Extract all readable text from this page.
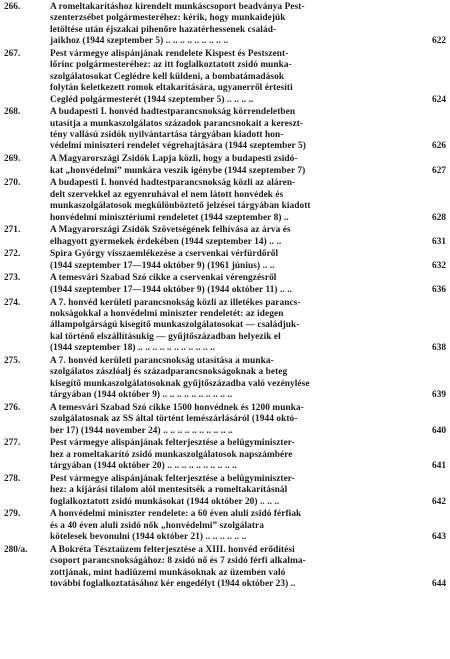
266.	A romeltakarításhoz kirendelt munkáscsoport beadványa Pest-
szenterzsébet polgármesteréhez: kérik, hogy munkaidejük
letöltése után éjszakai pihenőre hazatérhessenek család-
jaikhoz (1944 szeptember 5) .. .. .. .. .. .. .. .. ..	622
267.	Pest vármegye alispánjának rendelete Kispest és Pestszent-
lőrinc polgármesteréhez: az itt foglalkoztatott zsidó munka-
szolgálatosokat Ceglédre kell küldeni, a bombatámadások
folytán keletkezett romok eltakarítására, ugyanerről értesíti
Cegléd polgármesterét (1944 szeptember 5) .. .. .. ..	624
268.	A budapesti I. honvéd hadtestparancsnokság körrendeletben
utasítja a munkaszolgálatos századok parancsnokait a kereszt-
tény vallású zsidók nyilvántartása tárgyában kiadott hon-
védelmi miniszteri rendelet végrehajtására (1944 szeptember 5)	626
269.	A Magyarországi Zsidók Lapja közli, hogy a budapesti zsidó-
kat „honvédelmi” munkára veszik igénybe (1944 szeptember 7)	627
270.	A budapesti I. honvéd hadtestparancsnokság közli az aláren-
delt szervekkel az egyenruhával el nem látott honvédek és
munkaszolgálatosok megkülönböztető jelzései tárgyában kiadott
honvédelmi minisztériumi rendeletet (1944 szeptember 8) ..	628
271.	A Magyarországi Zsidók Szövetségének felhívása az árva és
elhagyott gyermekek érdekében (1944 szeptember 14) .. ..	631
272.	Spira György visszaemlékezése a cservenkai vérfürdőről
(1944 szeptember 17—1944 október 9) (1961 június) .. ..	632
273.	A temesvári Szabad Szó cikke a cservenkai vérengzésről
(1944 szeptember 17—1944 október 9) (1944 október 11) .. ..	636
274.	A 7. honvéd kerületi parancsnokság közli az illetékes parancs-
nokságokkal a honvédelmi miniszter rendeletét: az idegen
állampolgárságú kisegítő munkaszolgálatosokat — családjuk-
kal történő elszállításukig — gyűjtőszázadban helyezik el
(1944 szeptember 18) .. .. .. .. .. .. .. .. .. .. ..	638
275.	A 7. honvéd kerületi parancsnokság utasítása a munka-
szolgálatos zászlóalj és századparancsnokságoknak a beteg
kisegítő munkaszolgálatosoknak gyűjtőszázadba való vezénylése
tárgyában (1944 október 9) .. .. .. .. .. .. .. .. .. ..	639
276.	A temesvári Szabad Szó cikke 1500 honvédnek és 1200 munka-
szolgálatosnak az SS által történt lemészárlásáról (1944 októ-
ber 17) (1944 november 24) .. .. .. .. .. .. .. .. .. ..	640
277.	Pest vármegye alispánjának felterjesztése a belügyminiszter-
hez a romeltakarító zsidó munkaszolgálatosok napszámbére
tárgyában (1944 október 20) .. .. .. .. .. .. .. .. .. ..	641
278.	Pest vármegye alispánjának felterjesztése a belügyminiszter-
hez: a kijárási tilalom alól mentesítsék a romeltakarításnál
foglalkoztatott zsidó munkásokat (1944 október 20) .. .. ..	642
279.	A honvédelmi miniszter rendelete: a 60 éven aluli zsidó férfiak
és a 40 éven aluli zsidó nők „honvédelmi” szolgálatra
kötelesek bevonulni (1944 október 21) .. .. .. .. .. ..	643
280/a.	A Bokréta Tésztaüzem felterjesztése a XIII. honvéd erődítési
csoport parancsnokságához: 8 zsidó nő és 7 zsidó férfi alkalma-
zottjának, mint hadiüzemi munkásoknak az üzemben való
további foglalkoztatásához kér engedélyt (1944 október 23) ..	644
